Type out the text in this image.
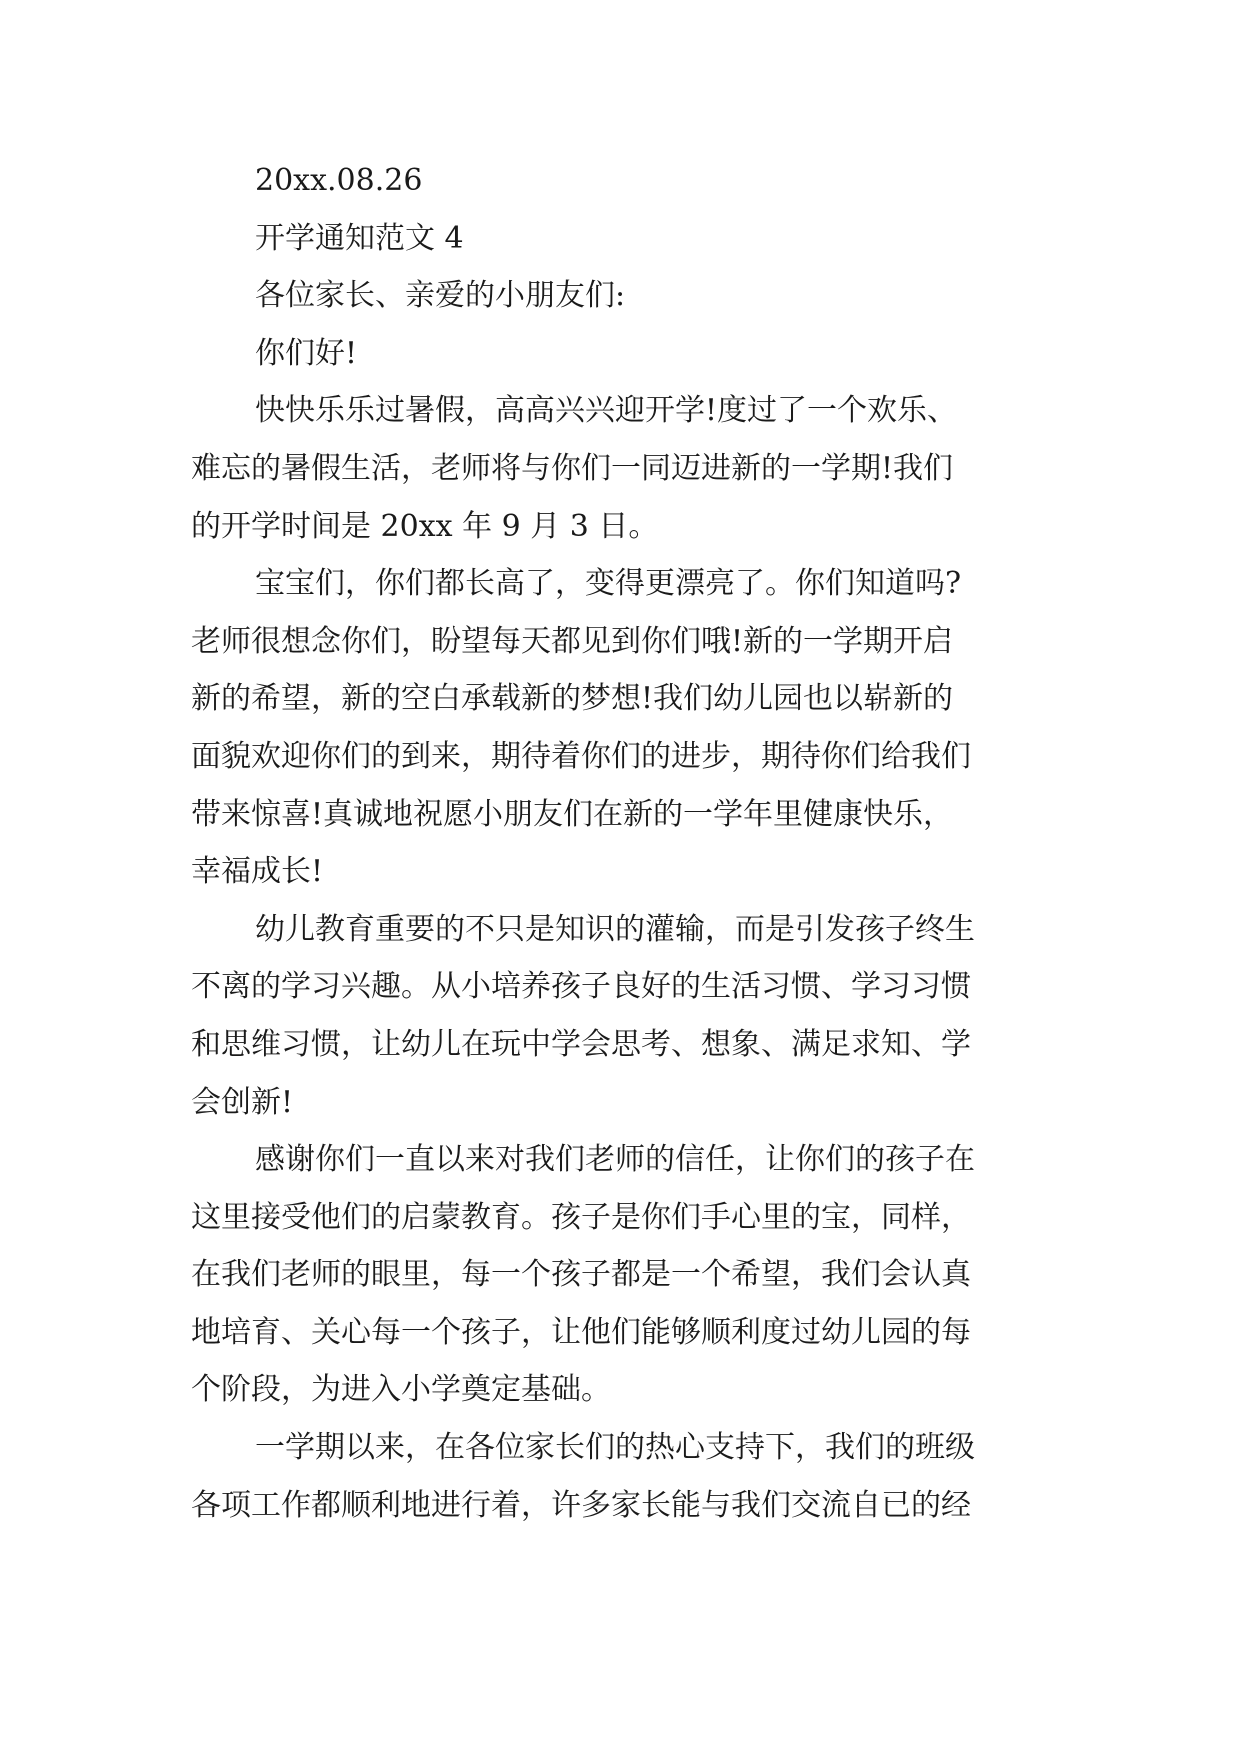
20xx.08.26

开学通知范文 4

各位家长、亲爱的小朋友们:

你们好!

快快乐乐过暑假，高高兴兴迎开学!度过了一个欢乐、
难忘的暑假生活，老师将与你们一同迈进新的一学期!我们
的开学时间是 20xx 年 9 月 3 日。

宝宝们，你们都长高了，变得更漂亮了。你们知道吗?
老师很想念你们，盼望每天都见到你们哦!新的一学期开启
新的希望，新的空白承载新的梦想!我们幼儿园也以崭新的
面貌欢迎你们的到来，期待着你们的进步，期待你们给我们
带来惊喜!真诚地祝愿小朋友们在新的一学年里健康快乐，
幸福成长!

幼儿教育重要的不只是知识的灌输，而是引发孩子终生
不离的学习兴趣。从小培养孩子良好的生活习惯、学习习惯
和思维习惯，让幼儿在玩中学会思考、想象、满足求知、学
会创新!

感谢你们一直以来对我们老师的信任，让你们的孩子在
这里接受他们的启蒙教育。孩子是你们手心里的宝，同样，
在我们老师的眼里，每一个孩子都是一个希望，我们会认真
地培育、关心每一个孩子，让他们能够顺利度过幼儿园的每
个阶段，为进入小学奠定基础。

一学期以来，在各位家长们的热心支持下，我们的班级
各项工作都顺利地进行着，许多家长能与我们交流自已的经
